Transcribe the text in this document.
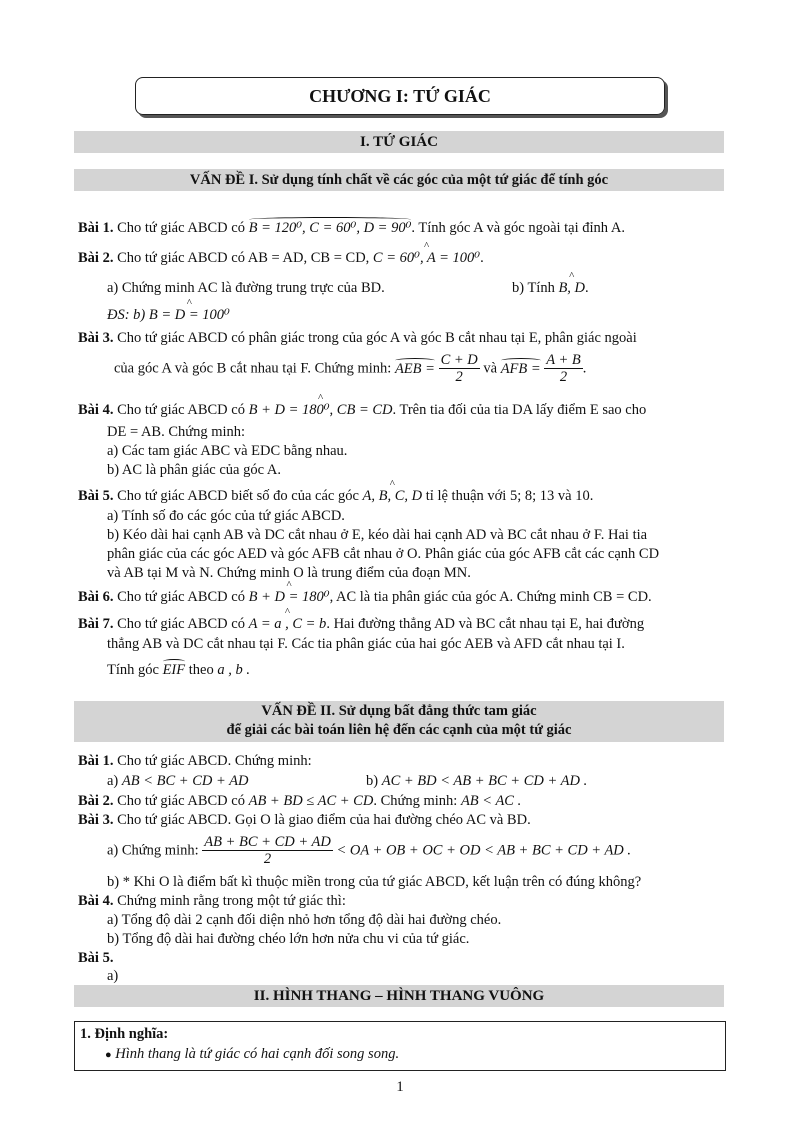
CHƯƠNG I: TỨ GIÁC
I. TỨ GIÁC
VẤN ĐỀ I. Sử dụng tính chất về các góc của một tứ giác để tính góc
Bài 1. Cho tứ giác ABCD có B = 120⁰, C = 60⁰, D = 90⁰. Tính góc A và góc ngoài tại đỉnh A.
Bài 2. Cho tứ giác ABCD có AB = AD, CB = CD, ^ C = 60⁰, A = 100⁰.
a) Chứng minh AC là đường trung trực của BD.	b) Tính ^ B, D.
ĐS: b) ^ B = D = 100⁰
Bài 3. Cho tứ giác ABCD có phân giác trong của góc A và góc B cắt nhau tại E, phân giác ngoài
của góc A và góc B cắt nhau tại F. Chứng minh: AEB = $\frac{C + D}{2}$ và AFB = $\frac{A + B}{2}$ .
Bài 4. Cho tứ giác ABCD có ^ B + D = 180⁰, CB = CD. Trên tia đối của tia DA lấy điểm E sao cho
DE = AB. Chứng minh:
a) Các tam giác ABC và EDC bằng nhau.
b) AC là phân giác của góc A.
Bài 5. Cho tứ giác ABCD biết số đo của các góc ^ A, B, C, D tỉ lệ thuận với 5; 8; 13 và 10.
a) Tính số đo các góc của tứ giác ABCD.
b) Kéo dài hai cạnh AB và DC cắt nhau ở E, kéo dài hai cạnh AD và BC cắt nhau ở F. Hai tia
phân giác của các góc AED và góc AFB cắt nhau ở O. Phân giác của góc AFB cắt các cạnh CD
và AB tại M và N. Chứng minh O là trung điểm của đoạn MN.
Bài 6. Cho tứ giác ABCD có ^ B + D = 180⁰, AC là tia phân giác của góc A. Chứng minh CB = CD.
Bài 7. Cho tứ giác ABCD có ^ A = a , C = b. Hai đường thẳng AD và BC cắt nhau tại E, hai đường
thẳng AB và DC cắt nhau tại F. Các tia phân giác của hai góc AEB và AFD cắt nhau tại I.
Tính góc EIF theo a , b .
VẤN ĐỀ II. Sử dụng bất đẳng thức tam giác
để giải các bài toán liên hệ đến các cạnh của một tứ giác
Bài 1. Cho tứ giác ABCD. Chứng minh:
a) AB < BC + CD + AD	b) AC + BD < AB + BC + CD + AD .
Bài 2. Cho tứ giác ABCD có AB + BD ≤ AC + CD. Chứng minh: AB < AC .
Bài 3. Cho tứ giác ABCD. Gọi O là giao điểm của hai đường chéo AC và BD.
a) Chứng minh: $\frac{AB + BC + CD + AD}{2}$ < OA + OB + OC + OD < AB + BC + CD + AD .
b) * Khi O là điểm bất kì thuộc miền trong của tứ giác ABCD, kết luận trên có đúng không?
Bài 4. Chứng minh rằng trong một tứ giác thì:
a) Tổng độ dài 2 cạnh đối diện nhỏ hơn tổng độ dài hai đường chéo.
b) Tổng độ dài hai đường chéo lớn hơn nửa chu vi của tứ giác.
Bài 5.
a)
II. HÌNH THANG – HÌNH THANG VUÔNG
1. Định nghĩa:
● Hình thang là tứ giác có hai cạnh đối song song.
1
